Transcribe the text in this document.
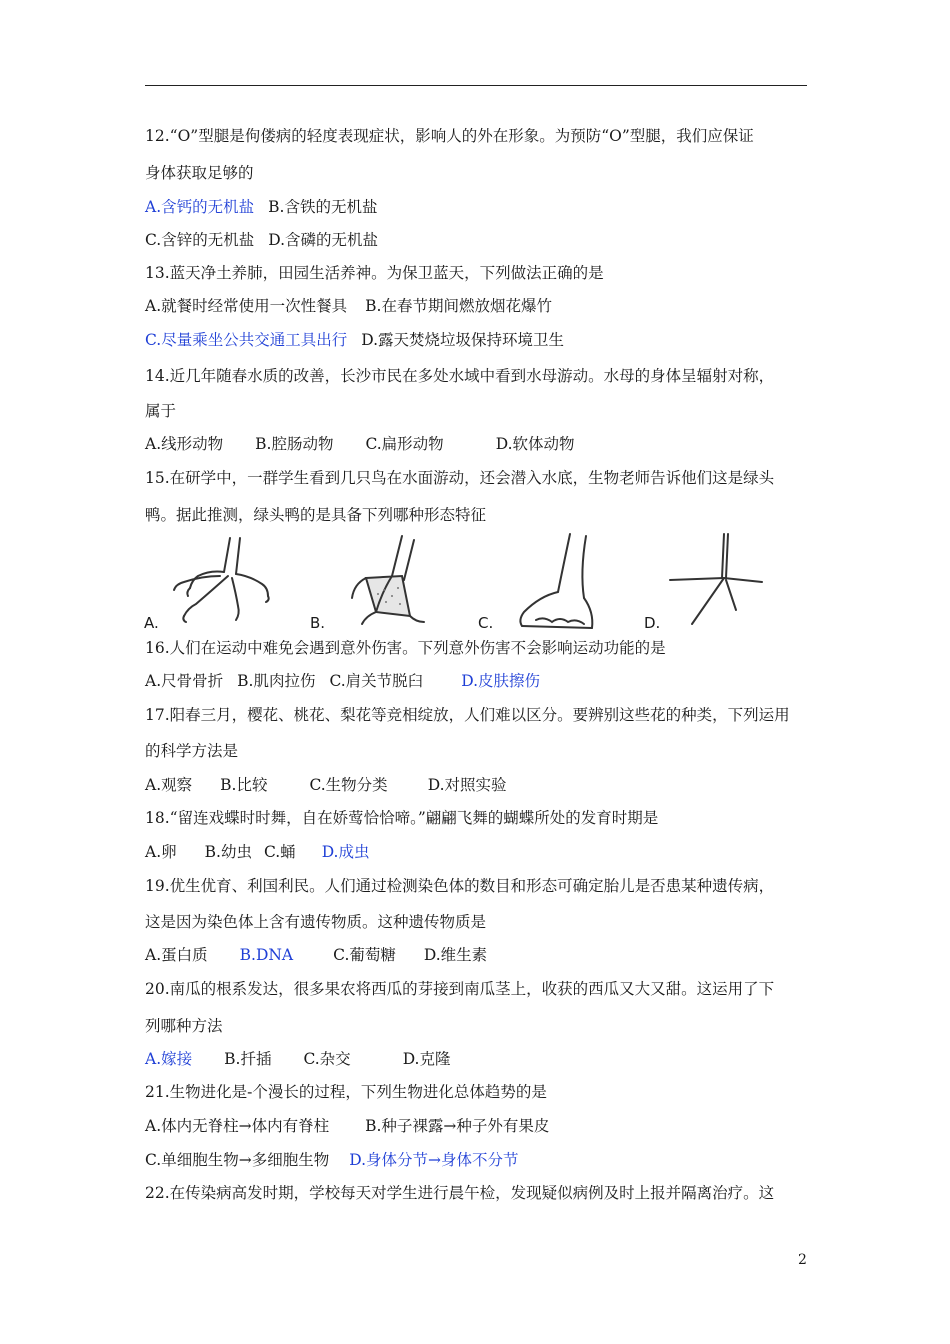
12.“O”型腿是佝偻病的轻度表现症状，影响人的外在形象。为预防“O”型腿，我们应保证
身体获取足够的
A.含钙的无机盐 B.含铁的无机盐
C.含锌的无机盐 D.含磷的无机盐
13.蓝天净土养肺，田园生活养神。为保卫蓝天，下列做法正确的是
A.就餐时经常使用一次性餐具 B.在春节期间燃放烟花爆竹
C.尽量乘坐公共交通工具出行 D.露天焚烧垃圾保持环境卫生
14.近几年随春水质的改善，长沙市民在多处水域中看到水母游动。水母的身体呈辐射对称，
属于
A.线形动物 B.腔肠动物 C.扁形动物	D.软体动物
15.在研学中，一群学生看到几只鸟在水面游动，还会潜入水底，生物老师告诉他们这是绿头
鸭。据此推测，绿头鸭的是具备下列哪种形态特征
A.	B.	C.	D.
16.人们在运动中难免会遇到意外伤害。下列意外伤害不会影响运动功能的是
A.尺骨骨折 B.肌肉拉伤 C.肩关节脱臼 D.皮肤擦伤
17.阳春三月，樱花、桃花、梨花等竞相绽放，人们难以区分。要辨别这些花的种类，下列运用
的科学方法是
A.观察 B.比较	C.生物分类	D.对照实验
18.“留连戏蝶时时舞，自在娇莺恰恰啼。”翩翩飞舞的蝴蝶所处的发育时期是
A.卵 B.幼虫 C.蛹 D.成虫
19.优生优育、利国利民。人们通过检测染色体的数目和形态可确定胎儿是否患某种遗传病，
这是因为染色体上含有遗传物质。这种遗传物质是
A.蛋白质 B.DNA	C.葡萄糖 D.维生素
20.南瓜的根系发达，很多果农将西瓜的芽接到南瓜茎上，收获的西瓜又大又甜。这运用了下
列哪种方法
A.嫁接 B.扦插 C.杂交	D.克隆
21.生物进化是-个漫长的过程，下列生物进化总体趋势的是
A.体内无脊柱→体内有脊柱 B.种子裸露→种子外有果皮
C.单细胞生物→多细胞生物 D.身体分节→身体不分节
22.在传染病高发时期，学校每天对学生进行晨午检，发现疑似病例及时上报并隔离治疗。这
2
